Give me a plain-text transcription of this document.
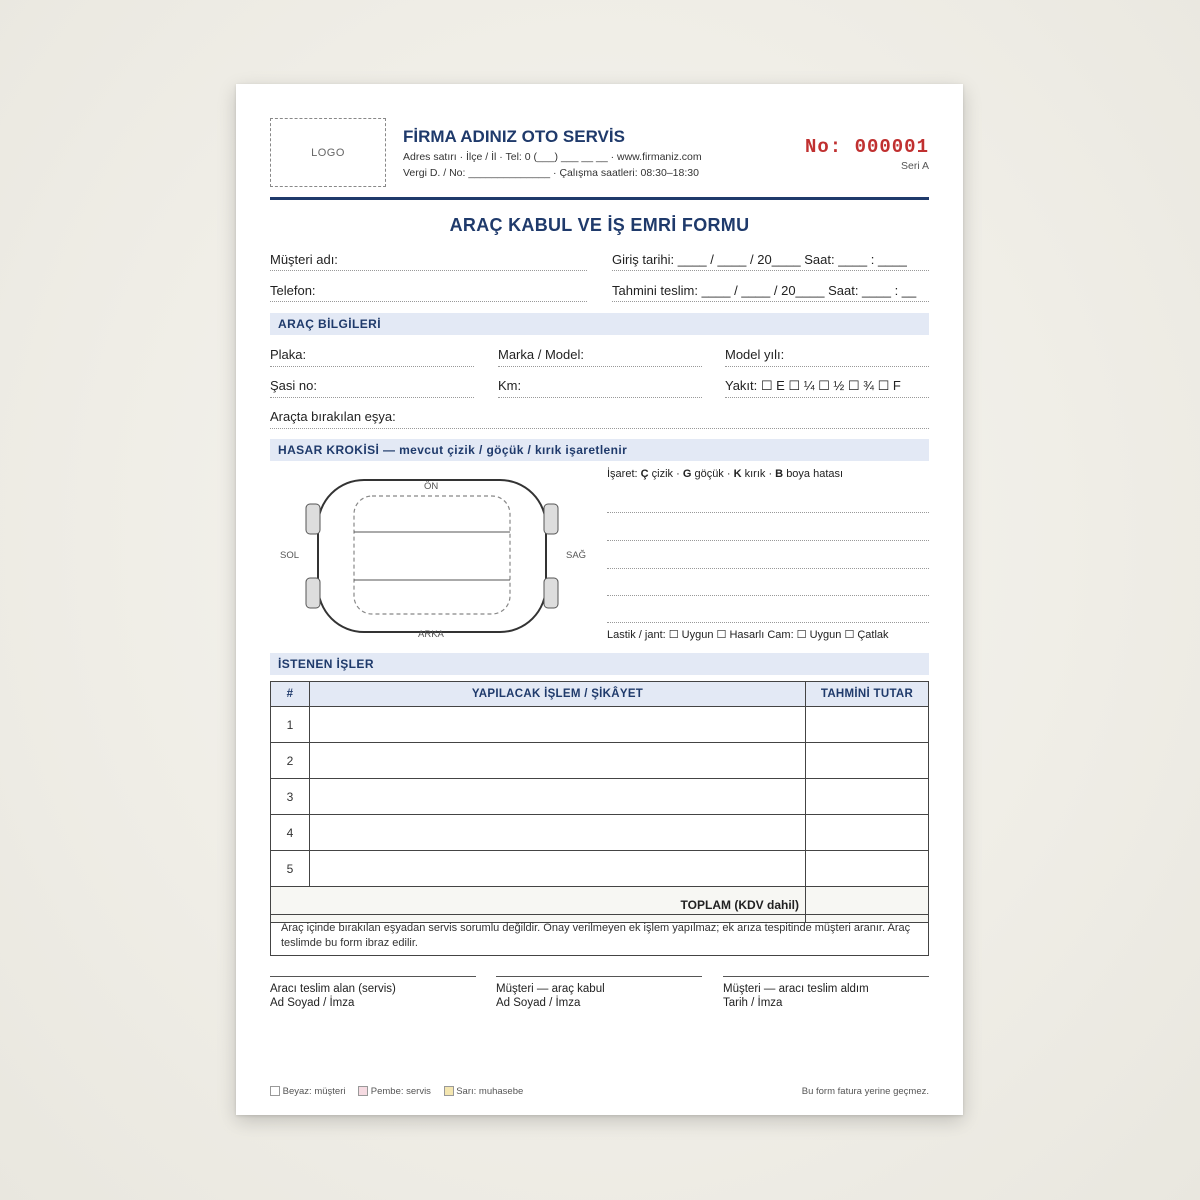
LOGO
FİRMA ADINIZ OTO SERVİS
Adres satırı · İlçe / İl · Tel: 0 (___) ___ __ __ · www.firmaniz.com
Vergi D. / No: ______________ · Çalışma saatleri: 08:30–18:30
No: 000001
Seri A
ARAÇ KABUL VE İŞ EMRİ FORMU
Müşteri adı:	Giriş tarihi: ____ / ____ / 20____ Saat: ____ : ____
Telefon:	Tahmini teslim: ____ / ____ / 20____ Saat: ____ : __
ARAÇ BİLGİLERİ
Plaka:	Marka / Model:	Model yılı:
Şasi no:	Km:	Yakıt: ☐ E ☐ ¼ ☐ ½ ☐ ¾ ☐ F
Araçta bırakılan eşya:
HASAR KROKİSİ — mevcut çizik / göçük / kırık işaretlenir
ÖN
ARKA
SOL	SAĞ
İşaret: Ç çizik · G göçük · K kırık · B boya hatası
Lastik / jant: ☐ Uygun ☐ Hasarlı Cam: ☐ Uygun ☐ Çatlak
İSTENEN İŞLER
#	YAPILACAK İŞLEM / ŞİKÂYET	TAHMİNİ TUTAR
1		
2		
3		
4		
5		
TOPLAM (KDV dahil)		
Araç içinde bırakılan eşyadan servis sorumlu değildir. Onay verilmeyen ek işlem yapılmaz; ek arıza tespitinde müşteri aranır. Araç teslimde bu form ibraz edilir.
Aracı teslim alan (servis)
Ad Soyad / İmza
Müşteri — araç kabul
Ad Soyad / İmza
Müşteri — aracı teslim aldım
Tarih / İmza
Beyaz: müşteri	Pembe: servis	Sarı: muhasebe	Bu form fatura yerine geçmez.
